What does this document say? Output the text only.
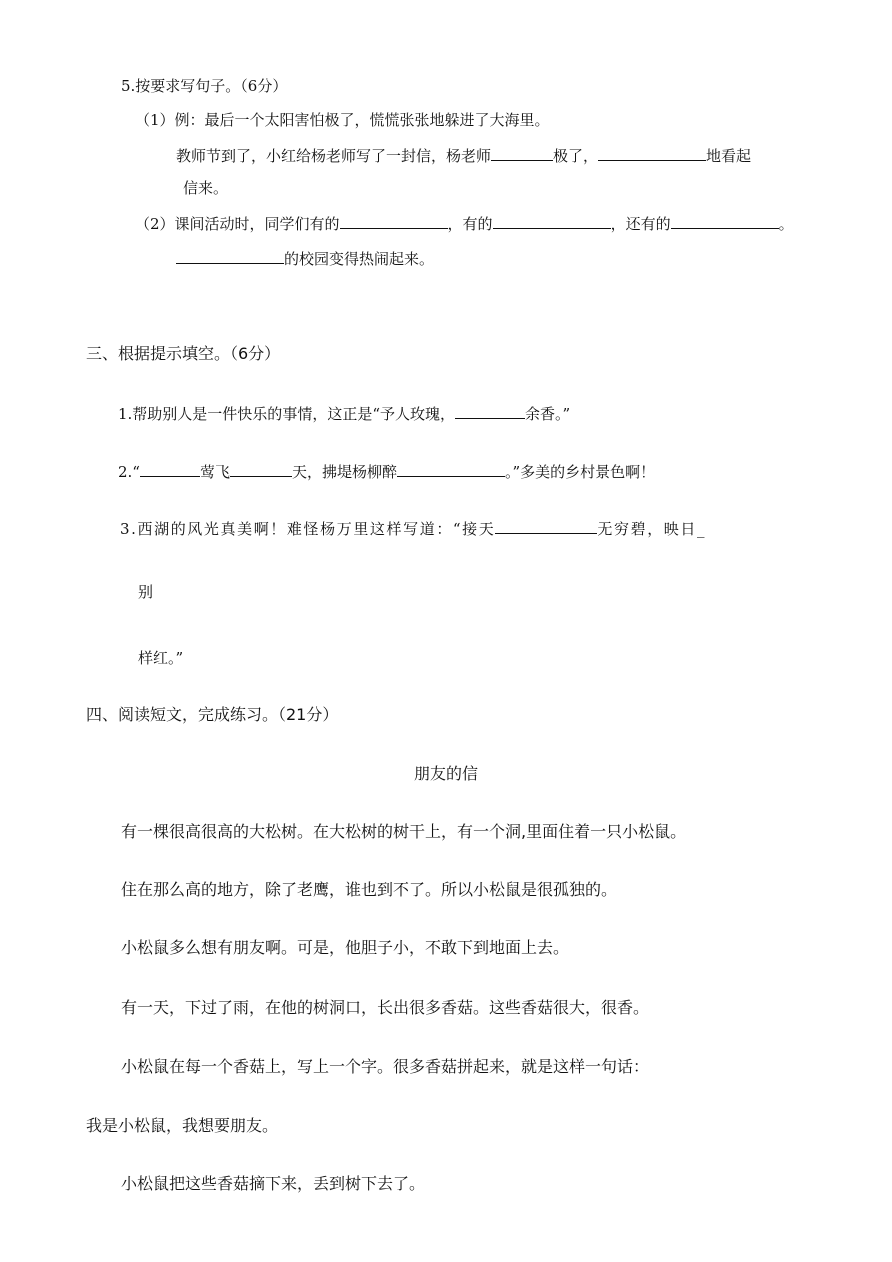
5.按要求写句子。（6分）
（1）例：最后一个太阳害怕极了，慌慌张张地躲进了大海里。
教师节到了，小红给杨老师写了一封信，杨老师	极了，	地看起
信来。
（2）课间活动时，同学们有的	，有的	，还有的	。
的校园变得热闹起来。
三、根据提示填空。（6分）
1.帮助别人是一件快乐的事情，这正是“予人玫瑰，	余香。”
2.“	莺飞	天，拂堤杨柳醉	。”多美的乡村景色啊！
3.西湖的风光真美啊！难怪杨万里这样写道：“接天	无穷碧，映日_
别
样红。”
四、阅读短文，完成练习。（21分）
朋友的信
有一棵很高很高的大松树。在大松树的树干上，有一个洞,里面住着一只小松鼠。
住在那么高的地方，除了老鹰，谁也到不了。所以小松鼠是很孤独的。
小松鼠多么想有朋友啊。可是，他胆子小，不敢下到地面上去。
有一天，下过了雨，在他的树洞口，长出很多香菇。这些香菇很大，很香。
小松鼠在每一个香菇上，写上一个字。很多香菇拼起来，就是这样一句话：
我是小松鼠，我想要朋友。
小松鼠把这些香菇摘下来，丢到树下去了。
